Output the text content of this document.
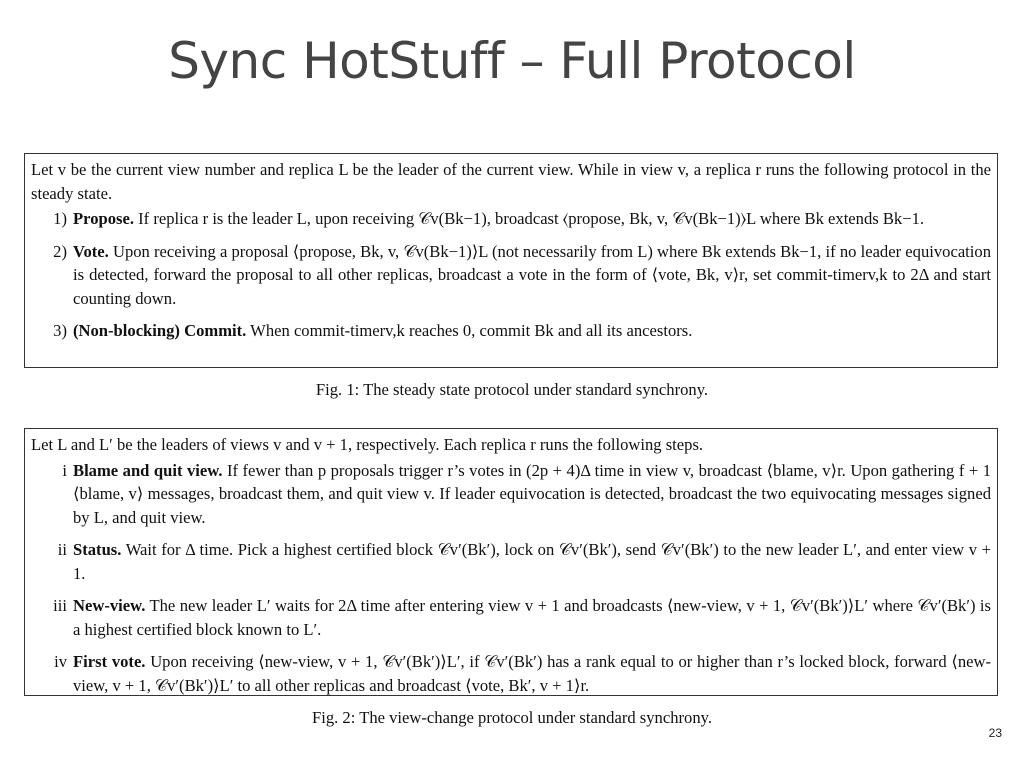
Sync HotStuff – Full Protocol
Let v be the current view number and replica L be the leader of the current view. While in view v, a replica r runs the following protocol in the steady state.
1) Propose. If replica r is the leader L, upon receiving 𝒞v(Bk−1), broadcast ⟨propose, Bk, v, 𝒞v(Bk−1)⟩L where Bk extends Bk−1.
2) Vote. Upon receiving a proposal ⟨propose, Bk, v, 𝒞v(Bk−1)⟩L (not necessarily from L) where Bk extends Bk−1, if no leader equivocation is detected, forward the proposal to all other replicas, broadcast a vote in the form of ⟨vote, Bk, v⟩r, set commit-timerv,k to 2Δ and start counting down.
3) (Non-blocking) Commit. When commit-timerv,k reaches 0, commit Bk and all its ancestors.
Fig. 1: The steady state protocol under standard synchrony.
Let L and L′ be the leaders of views v and v + 1, respectively. Each replica r runs the following steps.
i Blame and quit view. If fewer than p proposals trigger r’s votes in (2p + 4)Δ time in view v, broadcast ⟨blame, v⟩r. Upon gathering f + 1 ⟨blame, v⟩ messages, broadcast them, and quit view v. If leader equivocation is detected, broadcast the two equivocating messages signed by L, and quit view.
ii Status. Wait for Δ time. Pick a highest certified block 𝒞v′(Bk′), lock on 𝒞v′(Bk′), send 𝒞v′(Bk′) to the new leader L′, and enter view v + 1.
iii New-view. The new leader L′ waits for 2Δ time after entering view v + 1 and broadcasts ⟨new-view, v + 1, 𝒞v′(Bk′)⟩L′ where 𝒞v′(Bk′) is a highest certified block known to L′.
iv First vote. Upon receiving ⟨new-view, v + 1, 𝒞v′(Bk′)⟩L′, if 𝒞v′(Bk′) has a rank equal to or higher than r’s locked block, forward ⟨new-view, v + 1, 𝒞v′(Bk′)⟩L′ to all other replicas and broadcast ⟨vote, Bk′, v + 1⟩r.
Fig. 2: The view-change protocol under standard synchrony.
23
